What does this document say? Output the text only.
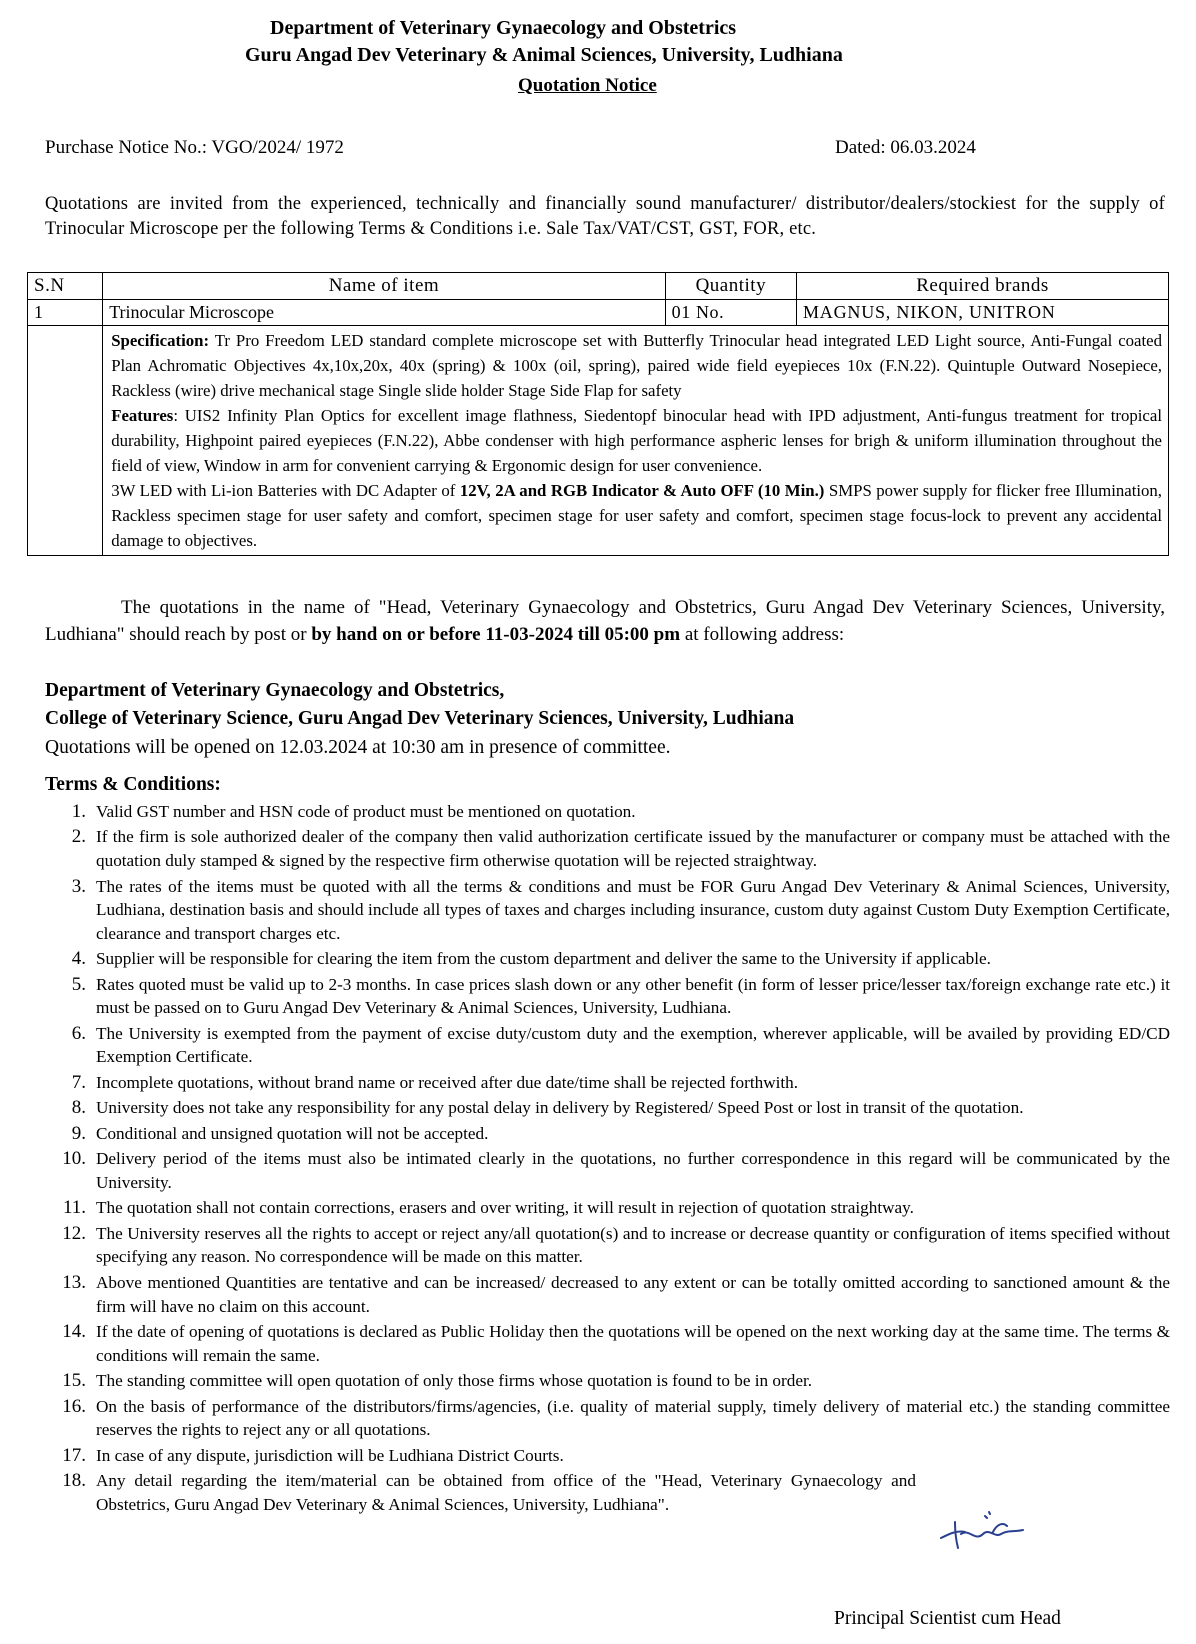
Department of Veterinary Gynaecology and Obstetrics
Guru Angad Dev Veterinary & Animal Sciences, University, Ludhiana
Quotation Notice
Purchase Notice No.: VGO/2024/ 1972	Dated: 06.03.2024
Quotations are invited from the experienced, technically and financially sound manufacturer/ distributor/dealers/stockiest for the supply of Trinocular Microscope per the following Terms & Conditions i.e. Sale Tax/VAT/CST, GST, FOR, etc.
S.N	Name of item	Quantity	Required brands
1	Trinocular Microscope	01 No.	MAGNUS, NIKON, UNITRON
	Specification: Tr Pro Freedom LED standard complete microscope set with Butterfly Trinocular head integrated LED Light source, Anti-Fungal coated Plan Achromatic Objectives 4x,10x,20x, 40x (spring) & 100x (oil, spring), paired wide field eyepieces 10x (F.N.22). Quintuple Outward Nosepiece, Rackless (wire) drive mechanical stage Single slide holder Stage Side Flap for safety
Features: UIS2 Infinity Plan Optics for excellent image flathness, Siedentopf binocular head with IPD adjustment, Anti-fungus treatment for tropical durability, Highpoint paired eyepieces (F.N.22), Abbe condenser with high performance aspheric lenses for brigh & uniform illumination throughout the field of view, Window in arm for convenient carrying & Ergonomic design for user convenience.
3W LED with Li-ion Batteries with DC Adapter of 12V, 2A and RGB Indicator & Auto OFF (10 Min.) SMPS power supply for flicker free Illumination, Rackless specimen stage for user safety and comfort, specimen stage for user safety and comfort, specimen stage focus-lock to prevent any accidental damage to objectives.		
The quotations in the name of "Head, Veterinary Gynaecology and Obstetrics, Guru Angad Dev Veterinary Sciences, University, Ludhiana" should reach by post or by hand on or before 11-03-2024 till 05:00 pm at following address:
Department of Veterinary Gynaecology and Obstetrics,
College of Veterinary Science, Guru Angad Dev Veterinary Sciences, University, Ludhiana
Quotations will be opened on 12.03.2024 at 10:30 am in presence of committee.
Terms & Conditions:
1. Valid GST number and HSN code of product must be mentioned on quotation.
2. If the firm is sole authorized dealer of the company then valid authorization certificate issued by the manufacturer or company must be attached with the quotation duly stamped & signed by the respective firm otherwise quotation will be rejected straightway.
3. The rates of the items must be quoted with all the terms & conditions and must be FOR Guru Angad Dev Veterinary & Animal Sciences, University, Ludhiana, destination basis and should include all types of taxes and charges including insurance, custom duty against Custom Duty Exemption Certificate, clearance and transport charges etc.
4. Supplier will be responsible for clearing the item from the custom department and deliver the same to the University if applicable.
5. Rates quoted must be valid up to 2-3 months. In case prices slash down or any other benefit (in form of lesser price/lesser tax/foreign exchange rate etc.) it must be passed on to Guru Angad Dev Veterinary & Animal Sciences, University, Ludhiana.
6. The University is exempted from the payment of excise duty/custom duty and the exemption, wherever applicable, will be availed by providing ED/CD Exemption Certificate.
7. Incomplete quotations, without brand name or received after due date/time shall be rejected forthwith.
8. University does not take any responsibility for any postal delay in delivery by Registered/ Speed Post or lost in transit of the quotation.
9. Conditional and unsigned quotation will not be accepted.
10. Delivery period of the items must also be intimated clearly in the quotations, no further correspondence in this regard will be communicated by the University.
11. The quotation shall not contain corrections, erasers and over writing, it will result in rejection of quotation straightway.
12. The University reserves all the rights to accept or reject any/all quotation(s) and to increase or decrease quantity or configuration of items specified without specifying any reason. No correspondence will be made on this matter.
13. Above mentioned Quantities are tentative and can be increased/ decreased to any extent or can be totally omitted according to sanctioned amount & the firm will have no claim on this account.
14. If the date of opening of quotations is declared as Public Holiday then the quotations will be opened on the next working day at the same time. The terms & conditions will remain the same.
15. The standing committee will open quotation of only those firms whose quotation is found to be in order.
16. On the basis of performance of the distributors/firms/agencies, (i.e. quality of material supply, timely delivery of material etc.) the standing committee reserves the rights to reject any or all quotations.
17. In case of any dispute, jurisdiction will be Ludhiana District Courts.
18. Any detail regarding the item/material can be obtained from office of the "Head, Veterinary Gynaecology and Obstetrics, Guru Angad Dev Veterinary & Animal Sciences, University, Ludhiana".
Principal Scientist cum Head
